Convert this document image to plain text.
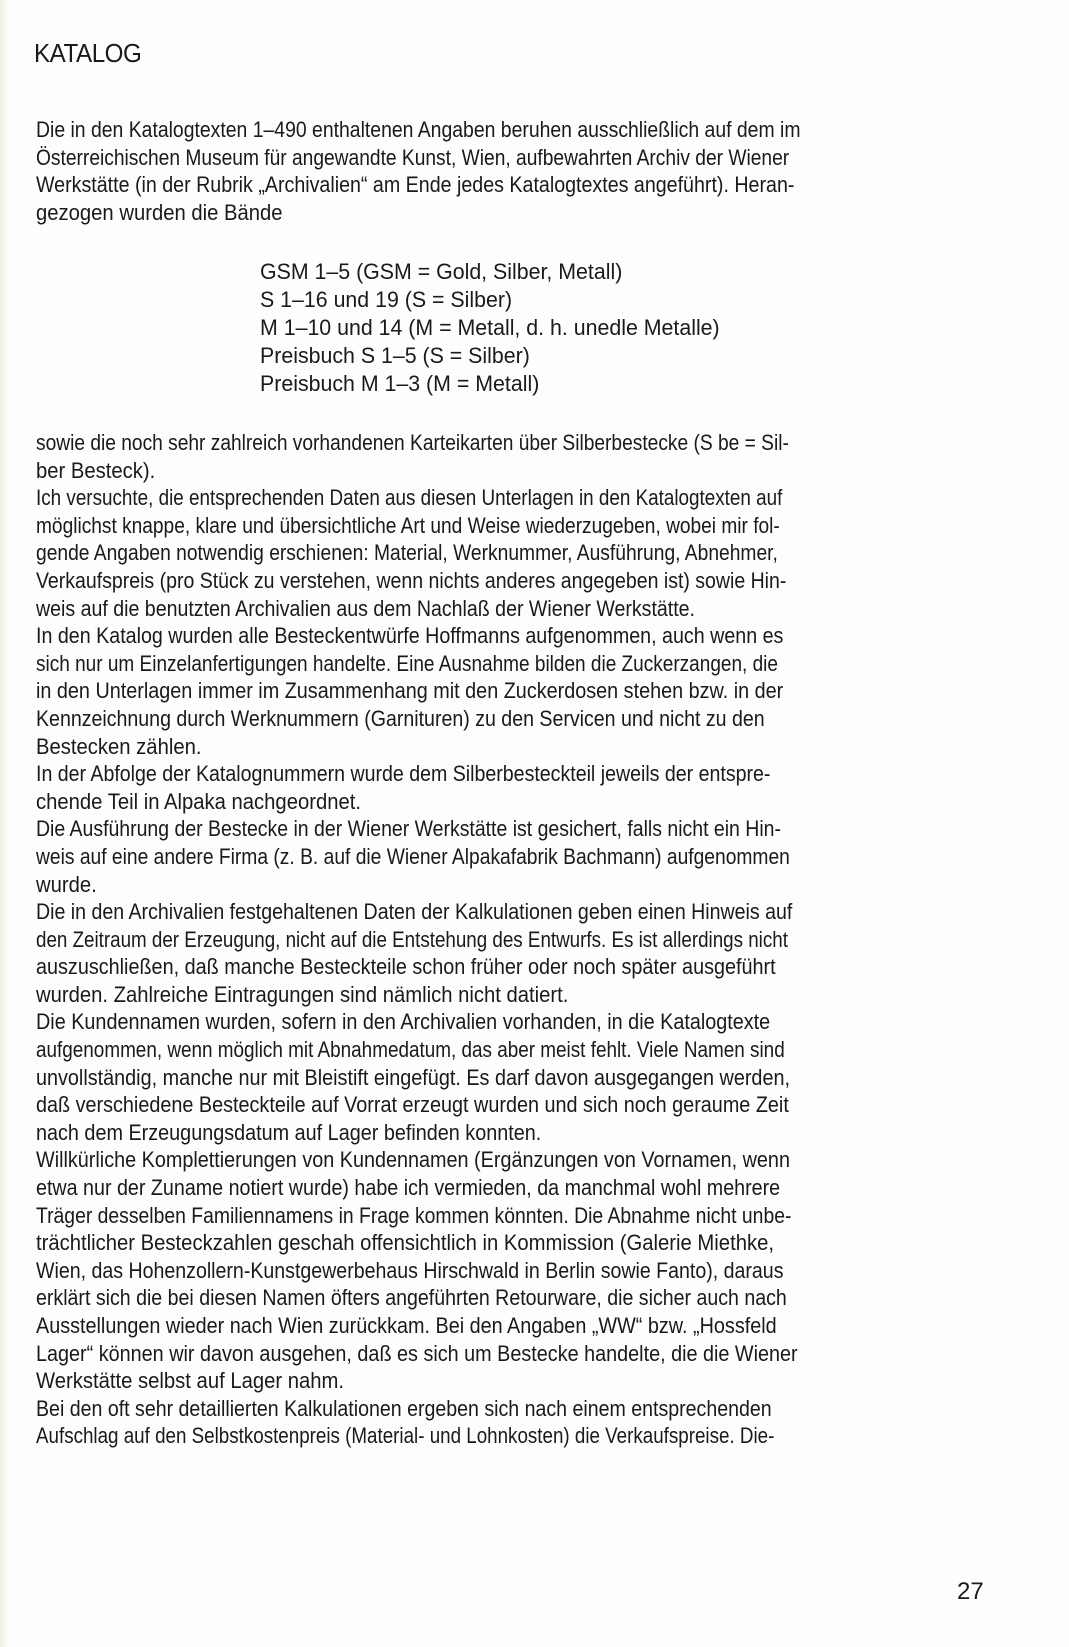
KATALOG
Die in den Katalogtexten 1–490 enthaltenen Angaben beruhen ausschließlich auf dem im
Österreichischen Museum für angewandte Kunst, Wien, aufbewahrten Archiv der Wiener
Werkstätte (in der Rubrik „Archivalien“ am Ende jedes Katalogtextes angeführt). Heran-
gezogen wurden die Bände
GSM 1–5 (GSM = Gold, Silber, Metall)
S 1–16 und 19 (S = Silber)
M 1–10 und 14 (M = Metall, d. h. unedle Metalle)
Preisbuch S 1–5 (S = Silber)
Preisbuch M 1–3 (M = Metall)
sowie die noch sehr zahlreich vorhandenen Karteikarten über Silberbestecke (S be = Sil-
ber Besteck).
Ich versuchte, die entsprechenden Daten aus diesen Unterlagen in den Katalogtexten auf
möglichst knappe, klare und übersichtliche Art und Weise wiederzugeben, wobei mir fol-
gende Angaben notwendig erschienen: Material, Werknummer, Ausführung, Abnehmer,
Verkaufspreis (pro Stück zu verstehen, wenn nichts anderes angegeben ist) sowie Hin-
weis auf die benutzten Archivalien aus dem Nachlaß der Wiener Werkstätte.
In den Katalog wurden alle Besteckentwürfe Hoffmanns aufgenommen, auch wenn es
sich nur um Einzelanfertigungen handelte. Eine Ausnahme bilden die Zuckerzangen, die
in den Unterlagen immer im Zusammenhang mit den Zuckerdosen stehen bzw. in der
Kennzeichnung durch Werknummern (Garnituren) zu den Servicen und nicht zu den
Bestecken zählen.
In der Abfolge der Katalognummern wurde dem Silberbesteckteil jeweils der entspre-
chende Teil in Alpaka nachgeordnet.
Die Ausführung der Bestecke in der Wiener Werkstätte ist gesichert, falls nicht ein Hin-
weis auf eine andere Firma (z. B. auf die Wiener Alpakafabrik Bachmann) aufgenommen
wurde.
Die in den Archivalien festgehaltenen Daten der Kalkulationen geben einen Hinweis auf
den Zeitraum der Erzeugung, nicht auf die Entstehung des Entwurfs. Es ist allerdings nicht
auszuschließen, daß manche Besteckteile schon früher oder noch später ausgeführt
wurden. Zahlreiche Eintragungen sind nämlich nicht datiert.
Die Kundennamen wurden, sofern in den Archivalien vorhanden, in die Katalogtexte
aufgenommen, wenn möglich mit Abnahmedatum, das aber meist fehlt. Viele Namen sind
unvollständig, manche nur mit Bleistift eingefügt. Es darf davon ausgegangen werden,
daß verschiedene Besteckteile auf Vorrat erzeugt wurden und sich noch geraume Zeit
nach dem Erzeugungsdatum auf Lager befinden konnten.
Willkürliche Komplettierungen von Kundennamen (Ergänzungen von Vornamen, wenn
etwa nur der Zuname notiert wurde) habe ich vermieden, da manchmal wohl mehrere
Träger desselben Familiennamens in Frage kommen könnten. Die Abnahme nicht unbe-
trächtlicher Besteckzahlen geschah offensichtlich in Kommission (Galerie Miethke,
Wien, das Hohenzollern-Kunstgewerbehaus Hirschwald in Berlin sowie Fanto), daraus
erklärt sich die bei diesen Namen öfters angeführten Retourware, die sicher auch nach
Ausstellungen wieder nach Wien zurückkam. Bei den Angaben „WW“ bzw. „Hossfeld
Lager“ können wir davon ausgehen, daß es sich um Bestecke handelte, die die Wiener
Werkstätte selbst auf Lager nahm.
Bei den oft sehr detaillierten Kalkulationen ergeben sich nach einem entsprechenden
Aufschlag auf den Selbstkostenpreis (Material- und Lohnkosten) die Verkaufspreise. Die-
27
